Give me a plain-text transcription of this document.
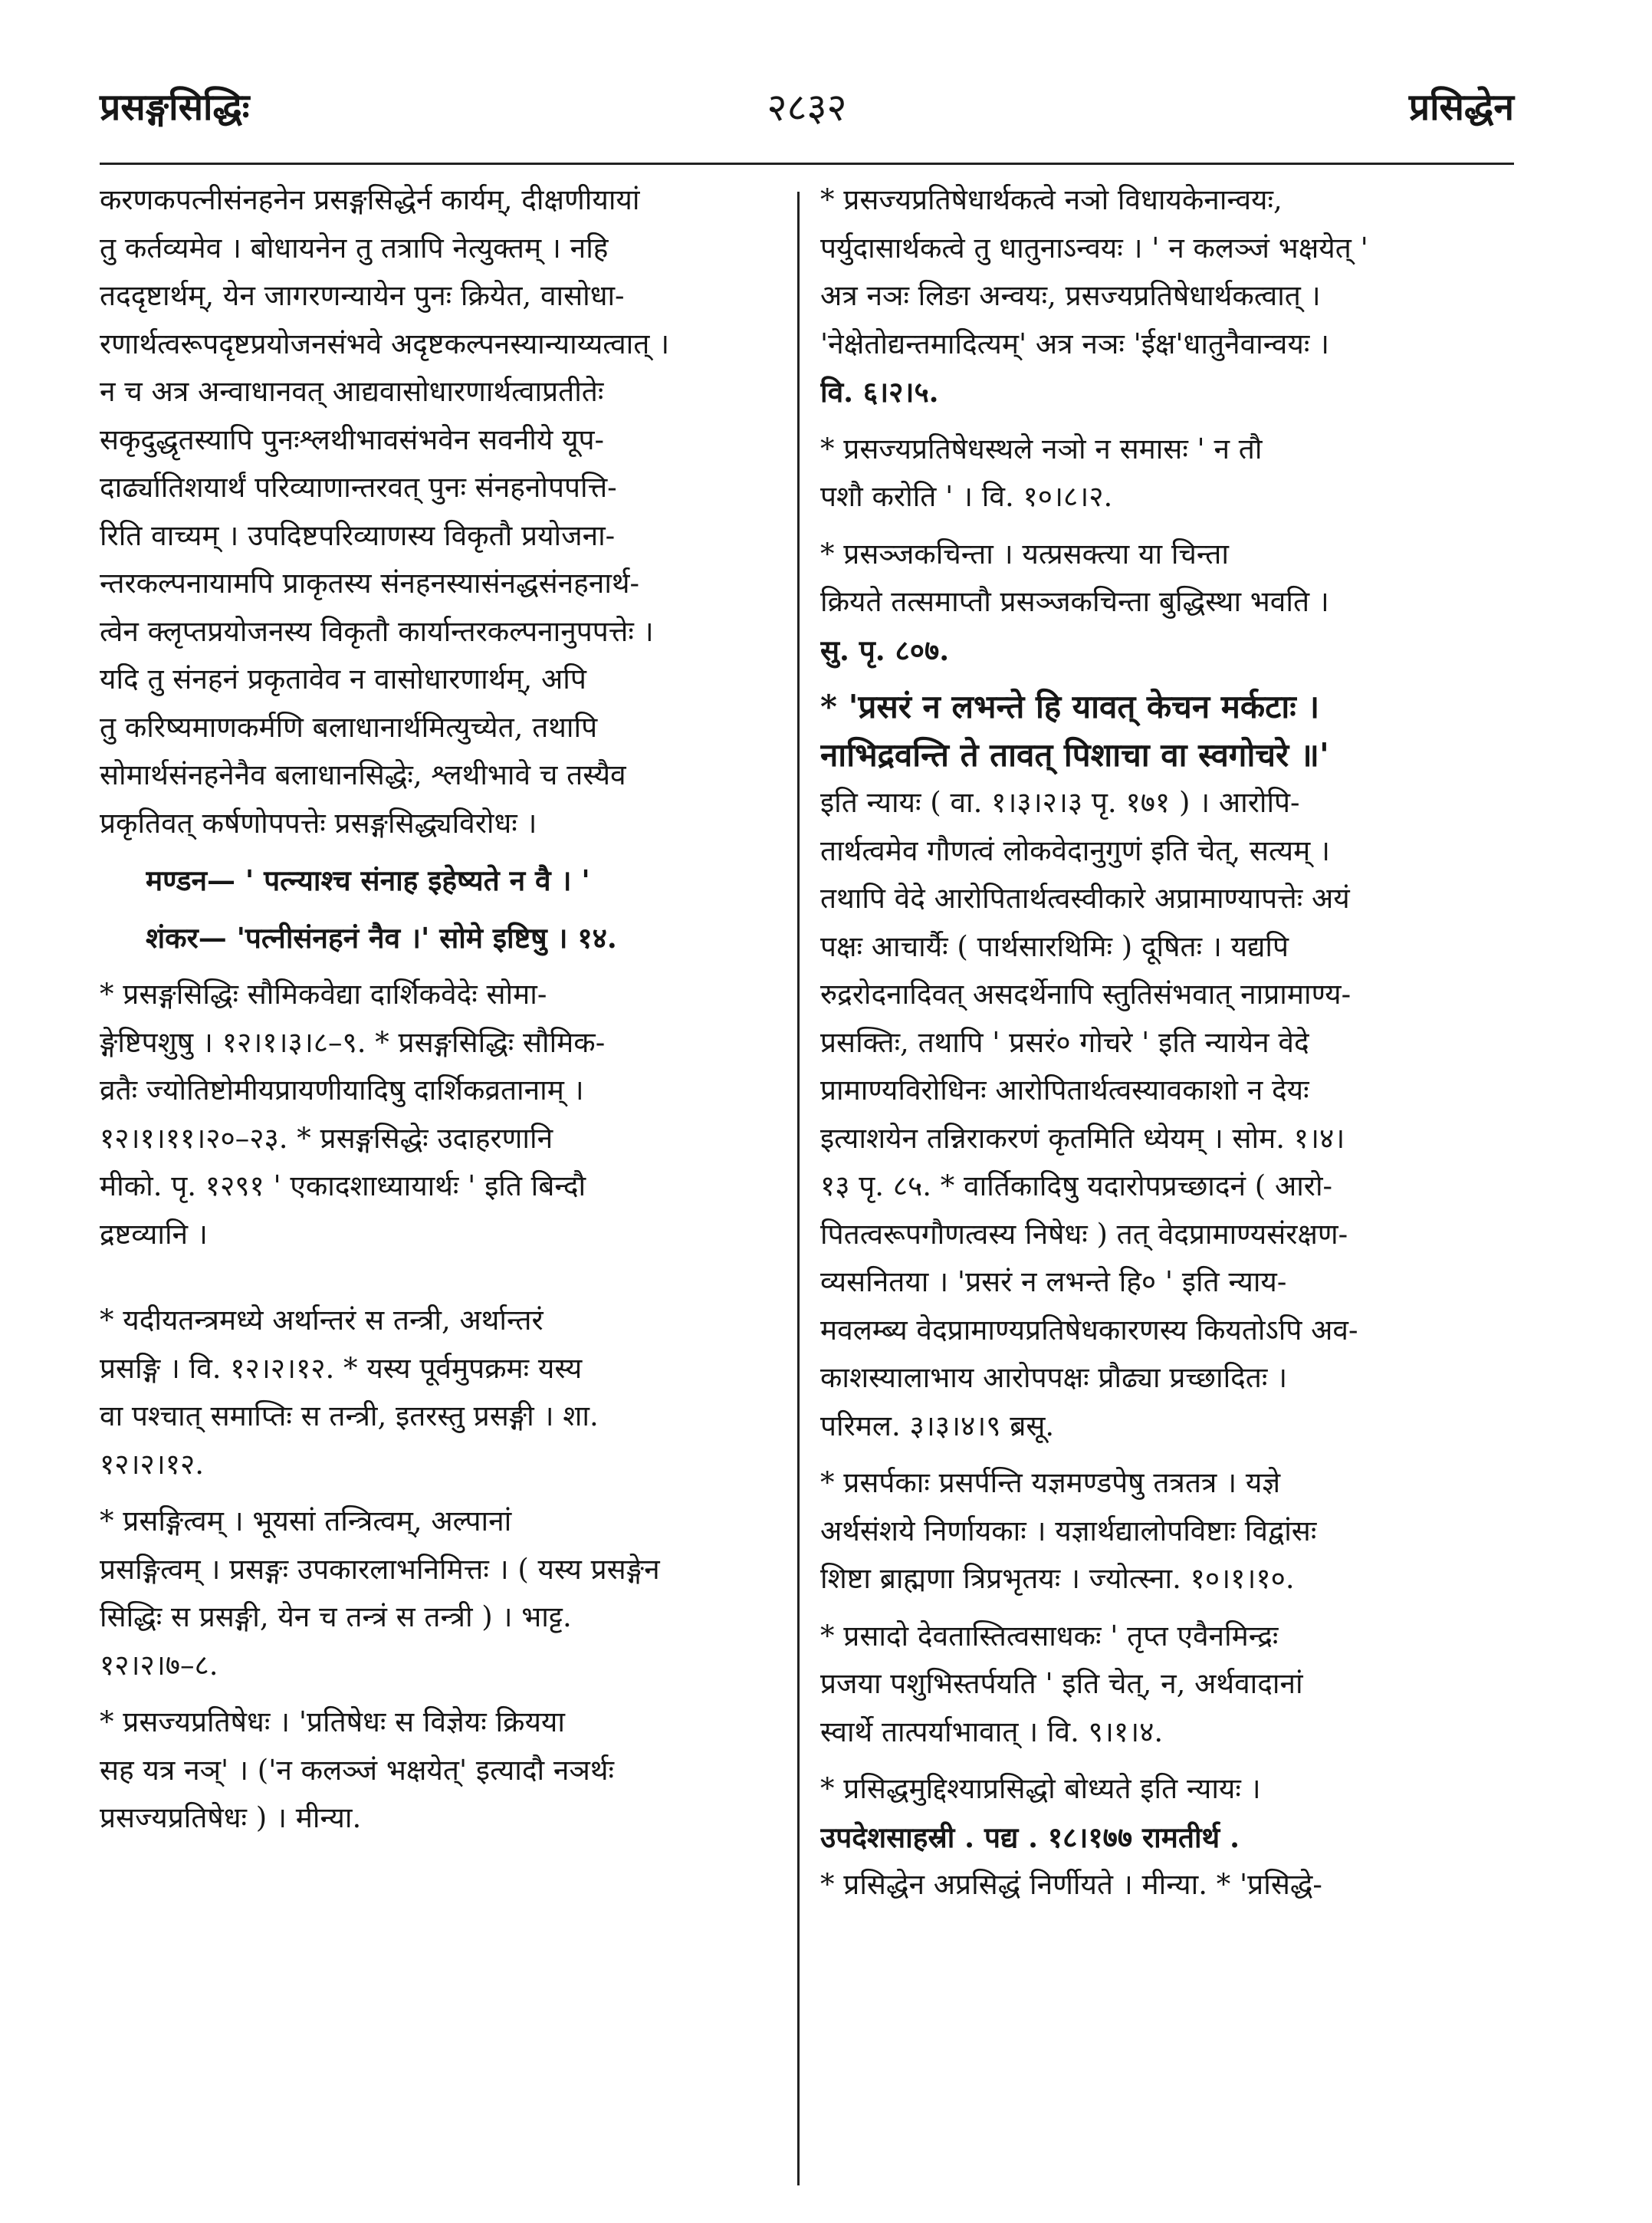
प्रसङ्गसिद्धिः	२८३२	प्रसिद्धेन
करणकपत्नीसंनहनेन प्रसङ्गसिद्धेर्न कार्यम्, दीक्षणीयायां
तु कर्तव्यमेव । बोधायनेन तु तत्रापि नेत्युक्तम् । नहि
तददृष्टार्थम्, येन जागरणन्यायेन पुनः क्रियेत, वासोधा-
रणार्थत्वरूपदृष्टप्रयोजनसंभवे अदृष्टकल्पनस्यान्याय्यत्वात् ।
न च अत्र अन्वाधानवत् आद्यवासोधारणार्थत्वाप्रतीतेः
सकृदुद्धृतस्यापि पुनःश्लथीभावसंभवेन सवनीये यूप-
दार्ढ्यातिशयार्थं परिव्याणान्तरवत् पुनः संनहनोपपत्ति-
रिति वाच्यम् । उपदिष्टपरिव्याणस्य विकृतौ प्रयोजना-
न्तरकल्पनायामपि प्राकृतस्य संनहनस्यासंनद्धसंनहनार्थ-
त्वेन क्लृप्तप्रयोजनस्य विकृतौ कार्यान्तरकल्पनानुपपत्तेः ।
यदि तु संनहनं प्रकृतावेव न वासोधारणार्थम्, अपि
तु करिष्यमाणकर्मणि बलाधानार्थमित्युच्येत, तथापि
सोमार्थसंनहनेनैव बलाधानसिद्धेः, श्लथीभावे च तस्यैव
प्रकृतिवत् कर्षणोपपत्तेः प्रसङ्गसिद्ध्यविरोधः ।
मण्डन— ' पत्न्याश्च संनाह इहेष्यते न वै । '
शंकर— 'पत्नीसंनहनं नैव ।' सोमे इष्टिषु । १४.
* प्रसङ्गसिद्धिः सौमिकवेद्या दार्शिकवेदेः सोमा-
ङ्गेष्टिपशुषु । १२।१।३।८–९. * प्रसङ्गसिद्धिः सौमिक-
व्रतैः ज्योतिष्टोमीयप्रायणीयादिषु दार्शिकव्रतानाम् ।
१२।१।११।२०–२३. * प्रसङ्गसिद्धेः उदाहरणानि
मीको. पृ. १२९१ ' एकादशाध्यायार्थः ' इति बिन्दौ
द्रष्टव्यानि ।
* यदीयतन्त्रमध्ये अर्थान्तरं स तन्त्री, अर्थान्तरं
प्रसङ्गि । वि. १२।२।१२. * यस्य पूर्वमुपक्रमः यस्य
वा पश्चात् समाप्तिः स तन्त्री, इतरस्तु प्रसङ्गी । शा.
१२।२।१२.
* प्रसङ्गित्वम् । भूयसां तन्त्रित्वम्, अल्पानां
प्रसङ्गित्वम् । प्रसङ्गः उपकारलाभनिमित्तः । ( यस्य प्रसङ्गेन
सिद्धिः स प्रसङ्गी, येन च तन्त्रं स तन्त्री ) । भाट्ट.
१२।२।७–८.
* प्रसज्यप्रतिषेधः । 'प्रतिषेधः स विज्ञेयः क्रियया
सह यत्र नञ्' । ('न कलञ्जं भक्षयेत्' इत्यादौ नञर्थः
प्रसज्यप्रतिषेधः ) । मीन्या.
* प्रसज्यप्रतिषेधार्थकत्वे नञो विधायकेनान्वयः,
पर्युदासार्थकत्वे तु धातुनाऽन्वयः । ' न कलञ्जं भक्षयेत् '
अत्र नञः लिङा अन्वयः, प्रसज्यप्रतिषेधार्थकत्वात् ।
'नेक्षेतोद्यन्तमादित्यम्' अत्र नञः 'ईक्ष'धातुनैवान्वयः ।
वि. ६।२।५.
* प्रसज्यप्रतिषेधस्थले नञो न समासः ' न तौ
पशौ करोति ' । वि. १०।८।२.
* प्रसञ्जकचिन्ता । यत्प्रसक्त्या या चिन्ता
क्रियते तत्समाप्तौ प्रसञ्जकचिन्ता बुद्धिस्था भवति ।
सु. पृ. ८०७.
* 'प्रसरं न लभन्ते हि यावत् केचन मर्कटाः ।
नाभिद्रवन्ति ते तावत् पिशाचा वा स्वगोचरे ॥'
इति न्यायः ( वा. १।३।२।३ पृ. १७१ ) । आरोपि-
तार्थत्वमेव गौणत्वं लोकवेदानुगुणं इति चेत्, सत्यम् ।
तथापि वेदे आरोपितार्थत्वस्वीकारे अप्रामाण्यापत्तेः अयं
पक्षः आचार्यैः ( पार्थसारथिमिः ) दूषितः । यद्यपि
रुद्ररोदनादिवत् असदर्थेनापि स्तुतिसंभवात् नाप्रामाण्य-
प्रसक्तिः, तथापि ' प्रसरं० गोचरे ' इति न्यायेन वेदे
प्रामाण्यविरोधिनः आरोपितार्थत्वस्यावकाशो न देयः
इत्याशयेन तन्निराकरणं कृतमिति ध्येयम् । सोम. १।४।
१३ पृ. ८५. * वार्तिकादिषु यदारोपप्रच्छादनं ( आरो-
पितत्वरूपगौणत्वस्य निषेधः ) तत् वेदप्रामाण्यसंरक्षण-
व्यसनितया । 'प्रसरं न लभन्ते हि० ' इति न्याय-
मवलम्ब्य वेदप्रामाण्यप्रतिषेधकारणस्य कियतोऽपि अव-
काशस्यालाभाय आरोपपक्षः प्रौढ्या प्रच्छादितः ।
परिमल. ३।३।४।९ ब्रसू.
* प्रसर्पकाः प्रसर्पन्ति यज्ञमण्डपेषु तत्रतत्र । यज्ञे
अर्थसंशये निर्णायकाः । यज्ञार्थद्यालोपविष्टाः विद्वांसः
शिष्टा ब्राह्मणा त्रिप्रभृतयः । ज्योत्स्ना. १०।१।१०.
* प्रसादो देवतास्तित्वसाधकः ' तृप्त एवैनमिन्द्रः
प्रजया पशुभिस्तर्पयति ' इति चेत्, न, अर्थवादानां
स्वार्थे तात्पर्याभावात् । वि. ९।१।४.
* प्रसिद्धमुद्दिश्याप्रसिद्धो बोध्यते इति न्यायः ।
उपदेशसाहस्री . पद्य . १८।१७७ रामतीर्थ .
* प्रसिद्धेन अप्रसिद्धं निर्णीयते । मीन्या. * 'प्रसिद्धे-
